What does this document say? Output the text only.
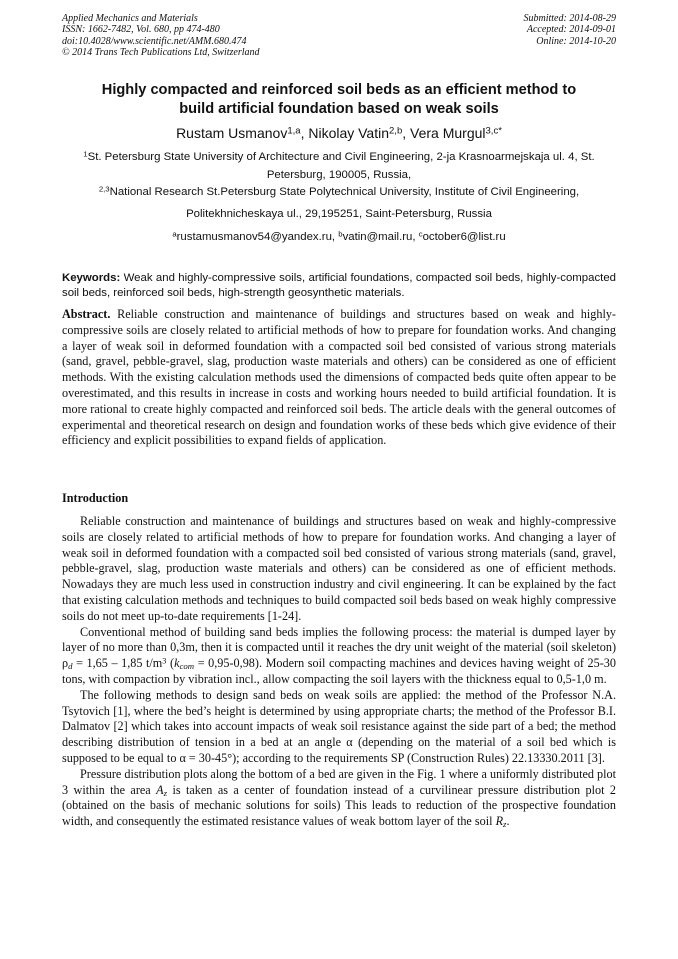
Applied Mechanics and Materials
ISSN: 1662-7482, Vol. 680, pp 474-480
doi:10.4028/www.scientific.net/AMM.680.474
© 2014 Trans Tech Publications Ltd, Switzerland
Submitted: 2014-08-29
Accepted: 2014-09-01
Online: 2014-10-20
Highly compacted and reinforced soil beds as an efficient method to
build artificial foundation based on weak soils
Rustam Usmanov$^{1,a}$, Nikolay Vatin$^{2,b}$, Vera Murgul$^{3,c*}$
$^1$St. Petersburg State University of Architecture and Civil Engineering, 2-ja Krasnoarmejskaja ul. 4, St. Petersburg, 190005, Russia,
$^{2,3}$National Research St.Petersburg State Polytechnical University, Institute of Civil Engineering,
Politekhnicheskaya ul., 29,195251, Saint-Petersburg, Russia
$^a$rustamusmanov54@yandex.ru, $^b$vatin@mail.ru, $^c$october6@list.ru
Keywords: Weak and highly-compressive soils, artificial foundations, compacted soil beds, highly-compacted soil beds, reinforced soil beds, high-strength geosynthetic materials.
Abstract. Reliable construction and maintenance of buildings and structures based on weak and highly-compressive soils are closely related to artificial methods of how to prepare for foundation works. And changing a layer of weak soil in deformed foundation with a compacted soil bed consisted of various strong materials (sand, gravel, pebble-gravel, slag, production waste materials and others) can be considered as one of efficient methods. With the existing calculation methods used the dimensions of compacted beds quite often appear to be overestimated, and this results in increase in costs and working hours needed to build artificial foundation. It is more rational to create highly compacted and reinforced soil beds. The article deals with the general outcomes of experimental and theoretical research on design and foundation works of these beds which give evidence of their efficiency and explicit possibilities to expand fields of application.
Introduction

Reliable construction and maintenance of buildings and structures based on weak and highly-compressive soils are closely related to artificial methods of how to prepare for foundation works. And changing a layer of weak soil in deformed foundation with a compacted soil bed consisted of various strong materials (sand, gravel, pebble-gravel, slag, production waste materials and others) can be considered as one of efficient methods. Nowadays they are much less used in construction industry and civil engineering. It can be explained by the fact that existing calculation methods and techniques to build compacted soil beds based on weak highly compressive soils do not meet up-to-date requirements [1-24].

Conventional method of building sand beds implies the following process: the material is dumped layer by layer of no more than 0,3m, then it is compacted until it reaches the dry unit weight of the material (soil skeleton) $\rho_d = 1,65 - 1,85$ $t/m^3$ $(k_{com} = 0,95-0,98)$. Modern soil compacting machines and devices having weight of 25-30 tons, with compaction by vibration incl., allow compacting the soil layers with the thickness equal to 0,5-1,0 m.

The following methods to design sand beds on weak soils are applied: the method of the Professor N.A. Tsytovich [1], where the bed’s height is determined by using appropriate charts; the method of the Professor B.I. Dalmatov [2] which takes into account impacts of weak soil resistance against the side part of a bed; the method describing distribution of tension in a bed at an angle α (depending on the material of a soil bed which is supposed to be equal to α = 30-45°); according to the requirements SP (Construction Rules) 22.13330.2011 [3].

Pressure distribution plots along the bottom of a bed are given in the Fig. 1 where a uniformly distributed plot 3 within the area $A_z$ is taken as a center of foundation instead of a curvilinear pressure distribution plot 2 (obtained on the basis of mechanic solutions for soils) This leads to reduction of the prospective foundation width, and consequently the estimated resistance values of weak bottom layer of the soil $R_z$.
